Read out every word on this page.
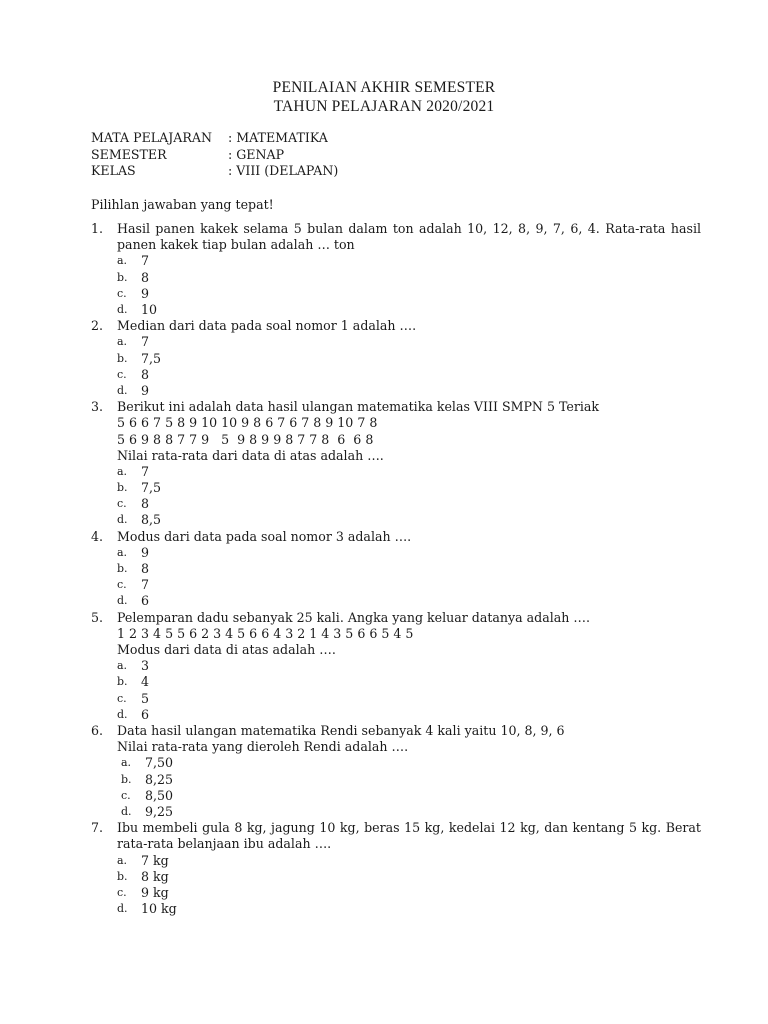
PENILAIAN AKHIR SEMESTER
TAHUN PELAJARAN 2020/2021
MATA PELAJARAN : MATEMATIKA
SEMESTER	: GENAP
KELAS	: VIII (DELAPAN)
Pilihlan jawaban yang tepat!
1. Hasil panen kakek selama 5 bulan dalam ton adalah 10, 12, 8, 9, 7, 6, 4. Rata-rata hasil panen kakek tiap bulan adalah … ton
a. 7
b. 8
c. 9
d. 10
2. Median dari data pada soal nomor 1 adalah ….
a. 7
b. 7,5
c. 8
d. 9
3. Berikut ini adalah data hasil ulangan matematika kelas VIII SMPN 5 Teriak
5 6 6 7 5 8 9 10 10 9 8 6 7 6 7 8 9 10 7 8
5 6 9 8 8 7 7 9   5  9 8 9 9 8 7 7 8  6  6 8
Nilai rata-rata dari data di atas adalah ….
a. 7
b. 7,5
c. 8
d. 8,5
4. Modus dari data pada soal nomor 3 adalah ….
a. 9
b. 8
c. 7
d. 6
5. Pelemparan dadu sebanyak 25 kali. Angka yang keluar datanya adalah ….
1 2 3 4 5 5 6 2 3 4 5 6 6 4 3 2 1 4 3 5 6 6 5 4 5
Modus dari data di atas adalah ….
a. 3
b. 4
c. 5
d. 6
6. Data hasil ulangan matematika Rendi sebanyak 4 kali yaitu 10, 8, 9, 6
Nilai rata-rata yang dieroleh Rendi adalah ….
a. 7,50
b. 8,25
c. 8,50
d. 9,25
7. Ibu membeli gula 8 kg, jagung 10 kg, beras 15 kg, kedelai 12 kg, dan kentang 5 kg. Berat rata-rata belanjaan ibu adalah ….
a. 7 kg
b. 8 kg
c. 9 kg
d. 10 kg
